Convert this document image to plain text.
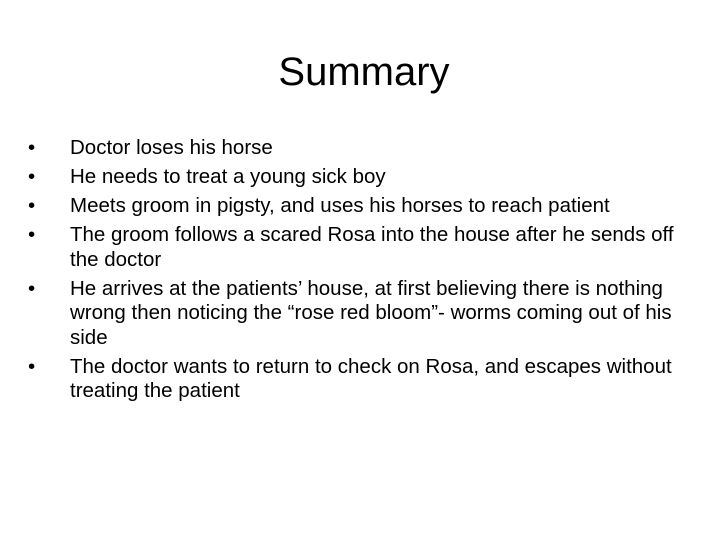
Summary
•	Doctor loses his horse
•	He needs to treat a young sick boy
•	Meets groom in pigsty, and uses his horses to reach patient
•	The groom follows a scared Rosa into the house after he sends off the doctor
•	He arrives at the patients’ house, at first believing there is nothing wrong then noticing the “rose red bloom”- worms coming out of his side
•	The doctor wants to return to check on Rosa, and escapes without treating the patient
